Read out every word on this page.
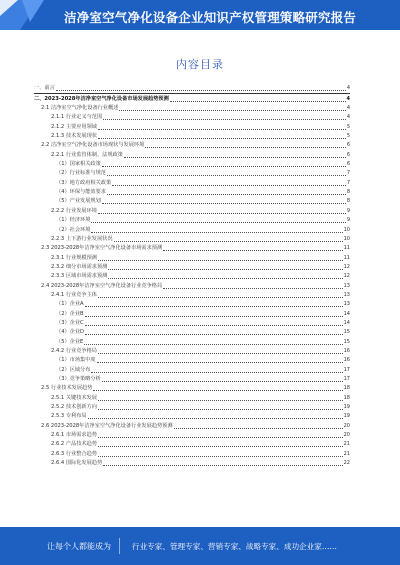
洁净室空气净化设备企业知识产权管理策略研究报告
内容目录
一、前言	4
二、2023-2028年洁净室空气净化设备市场发展趋势预测	4
2.1 洁净室空气净化设备行业概述	4
2.1.1 行业定义与范围	4
2.1.2 主要应用领域	5
2.1.3 技术发展现状	5
2.2 洁净室空气净化设备市场现状与发展环境	6
2.2.1 行业监管体制、法规政策	6
（1）国家相关政策	6
（2）行业标准与规范	7
（3）地方政府相关政策	7
（4）环保与能效要求	8
（5）产业发展规划	8
2.2.2 行业发展环境	9
（1）经济环境	9
（2）社会环境	10
2.2.3 上下游行业发展状况	10
2.3 2023-2028年洁净室空气净化设备市场需求预测	11
2.3.1 行业规模预测	11
2.3.2 细分市场需求预测	12
2.3.3 区域市场需求预测	12
2.4 2023-2028年洁净室空气净化设备行业竞争格局	13
2.4.1 行业竞争主体	13
（1）企业A	13
（2）企业B	14
（3）企业C	14
（4）企业D	15
（5）企业E	15
2.4.2 行业竞争格局	16
（1）市场集中度	16
（2）区域分布	17
（3）竞争策略分析	17
2.5 行业技术发展趋势	18
2.5.1 关键技术发展	18
2.5.2 技术创新方向	19
2.5.3 专利布局	19
2.6 2023-2028年洁净室空气净化设备行业发展趋势预测	20
2.6.1 市场需求趋势	20
2.6.2 产品技术趋势	21
2.6.3 行业整合趋势	21
2.6.4 国际化发展趋势	22
让每个人都能成为	行业专家、管理专家、营销专家、战略专家、成功企业家……
